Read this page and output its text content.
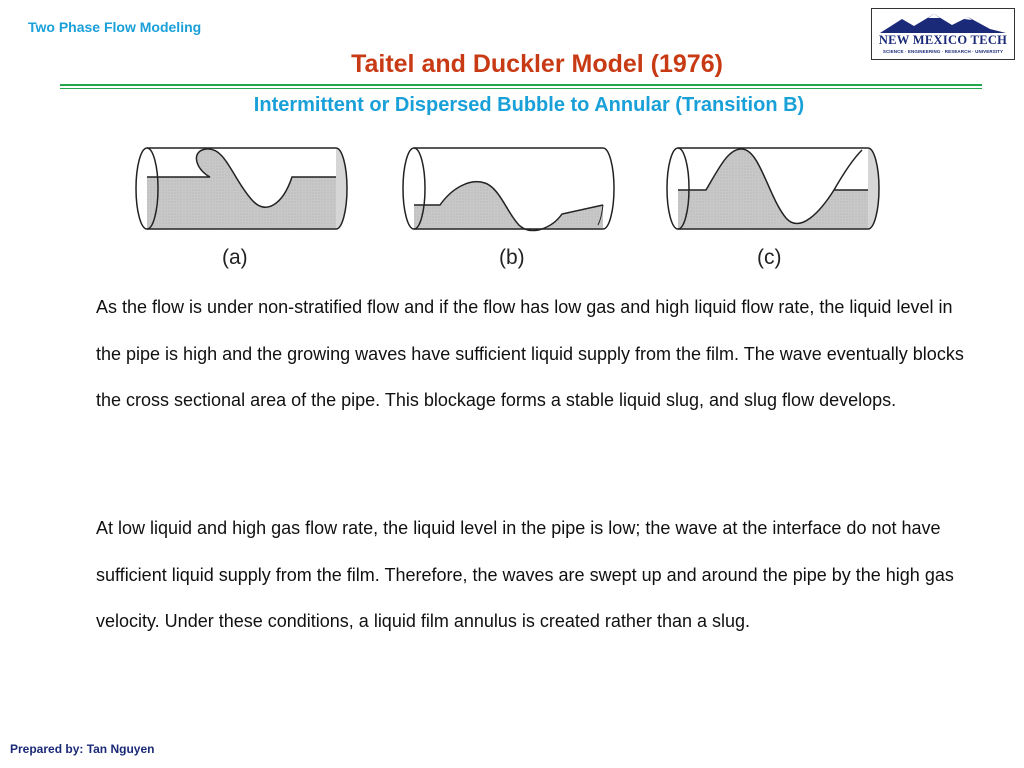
Two Phase Flow Modeling
NEW MEXICO TECH
SCIENCE · ENGINEERING · RESEARCH · UNIVERSITY
Taitel and Duckler Model (1976)
Intermittent or Dispersed Bubble to Annular (Transition B)
(a)	(b)	(c)

As the flow is under non-stratified flow and if the flow has low gas and high liquid flow rate, the liquid level in the pipe is high and the growing waves have sufficient liquid supply from the film. The wave eventually blocks the cross sectional area of the pipe. This blockage forms a stable liquid slug, and slug flow develops.

At low liquid and high gas flow rate, the liquid level in the pipe is low; the wave at the interface do not have sufficient liquid supply from the film. Therefore, the waves are swept up and around the pipe by the high gas velocity. Under these conditions, a liquid film annulus is created rather than a slug.

Prepared by: Tan Nguyen
